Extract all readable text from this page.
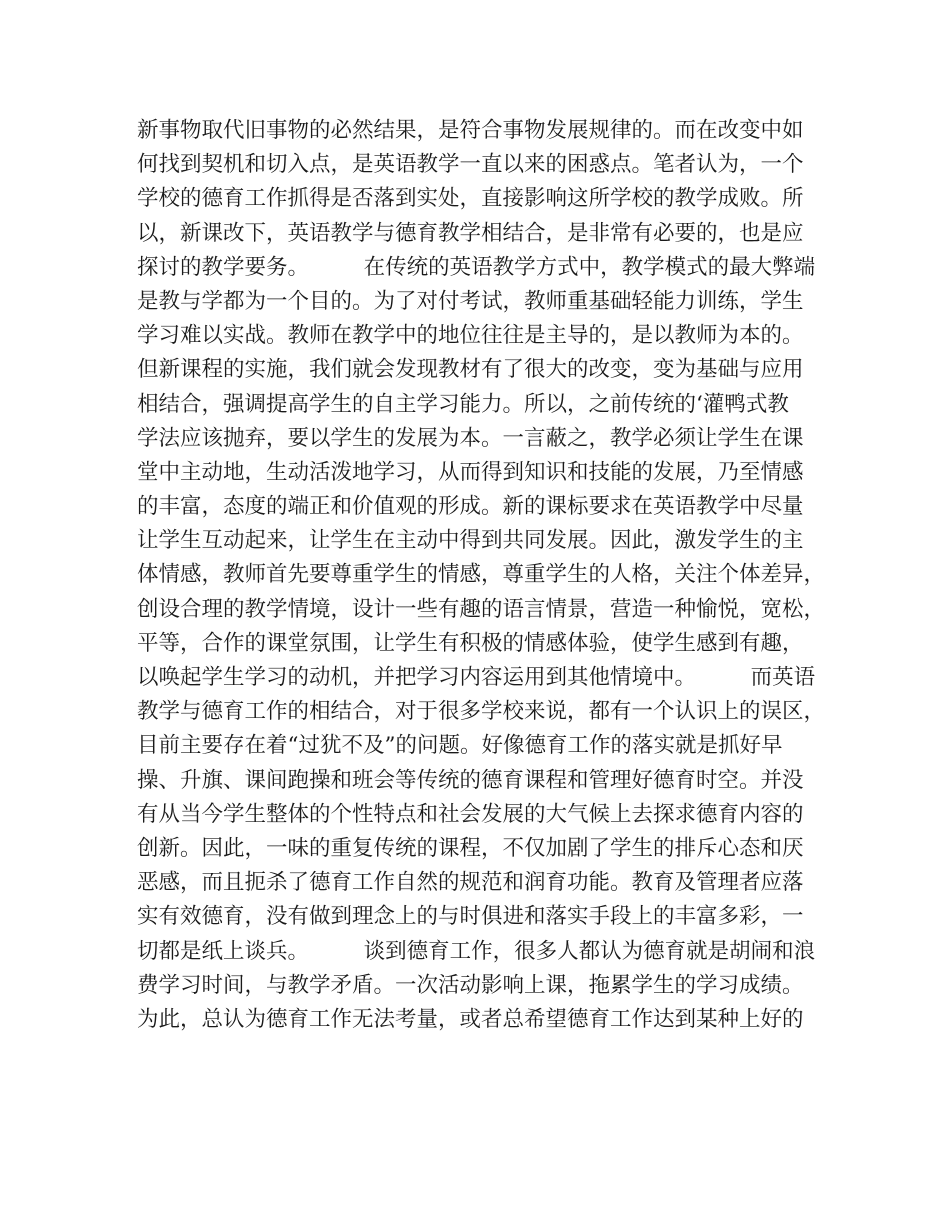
新事物取代旧事物的必然结果，是符合事物发展规律的。而在改变中如
何找到契机和切入点，是英语教学一直以来的困惑点。笔者认为，一个
学校的德育工作抓得是否落到实处，直接影响这所学校的教学成败。所
以，新课改下，英语教学与德育教学相结合，是非常有必要的，也是应
探讨的教学要务。        在传统的英语教学方式中，教学模式的最大弊端
是教与学都为一个目的。为了对付考试，教师重基础轻能力训练，学生
学习难以实战。教师在教学中的地位往往是主导的，是以教师为本的。
但新课程的实施，我们就会发现教材有了很大的改变，变为基础与应用
相结合，强调提高学生的自主学习能力。所以，之前传统的‘灌鸭式教
学法应该抛弃，要以学生的发展为本。一言蔽之，教学必须让学生在课
堂中主动地，生动活泼地学习，从而得到知识和技能的发展，乃至情感
的丰富，态度的端正和价值观的形成。新的课标要求在英语教学中尽量
让学生互动起来，让学生在主动中得到共同发展。因此，激发学生的主
体情感，教师首先要尊重学生的情感，尊重学生的人格，关注个体差异，
创设合理的教学情境，设计一些有趣的语言情景，营造一种愉悦，宽松，
平等，合作的课堂氛围，让学生有积极的情感体验，使学生感到有趣，
以唤起学生学习的动机，并把学习内容运用到其他情境中。        而英语
教学与德育工作的相结合，对于很多学校来说，都有一个认识上的误区，
目前主要存在着“过犹不及”的问题。好像德育工作的落实就是抓好早
操、升旗、课间跑操和班会等传统的德育课程和管理好德育时空。并没
有从当今学生整体的个性特点和社会发展的大气候上去探求德育内容的
创新。因此，一味的重复传统的课程，不仅加剧了学生的排斥心态和厌
恶感，而且扼杀了德育工作自然的规范和润育功能。教育及管理者应落
实有效德育，没有做到理念上的与时俱进和落实手段上的丰富多彩，一
切都是纸上谈兵。        谈到德育工作，很多人都认为德育就是胡闹和浪
费学习时间，与教学矛盾。一次活动影响上课，拖累学生的学习成绩。
为此，总认为德育工作无法考量，或者总希望德育工作达到某种上好的
